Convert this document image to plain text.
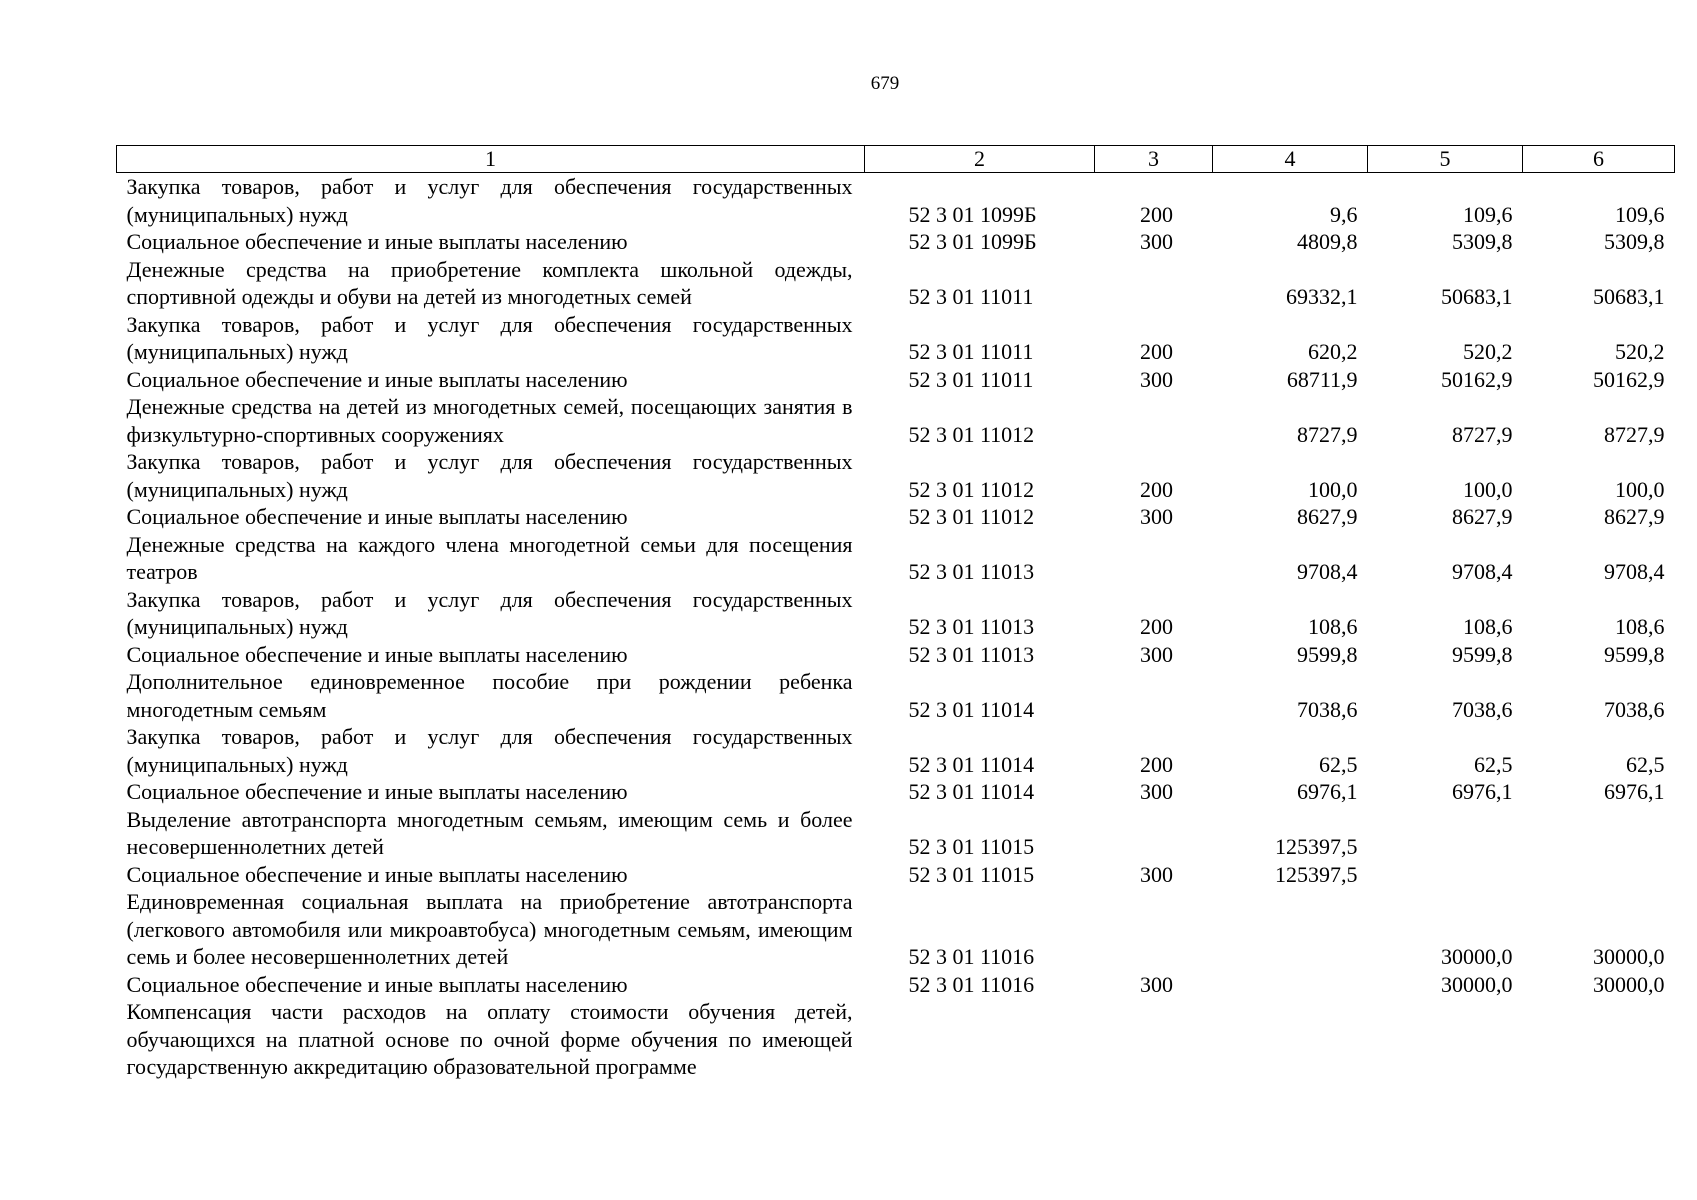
679
1	2	3	4	5	6

Закупка товаров, работ и услуг для обеспечения государственных (муниципальных) нужд	52 3 01 1099Б	200	9,6	109,6	109,6

Социальное обеспечение и иные выплаты населению	52 3 01 1099Б	300	4809,8	5309,8	5309,8

Денежные средства на приобретение комплекта школьной одежды, спортивной одежды и обуви на детей из многодетных семей	52 3 01 11011		69332,1	50683,1	50683,1

Закупка товаров, работ и услуг для обеспечения государственных (муниципальных) нужд	52 3 01 11011	200	620,2	520,2	520,2

Социальное обеспечение и иные выплаты населению	52 3 01 11011	300	68711,9	50162,9	50162,9

Денежные средства на детей из многодетных семей, посещающих занятия в физкультурно-спортивных сооружениях	52 3 01 11012		8727,9	8727,9	8727,9

Закупка товаров, работ и услуг для обеспечения государственных (муниципальных) нужд	52 3 01 11012	200	100,0	100,0	100,0

Социальное обеспечение и иные выплаты населению	52 3 01 11012	300	8627,9	8627,9	8627,9

Денежные средства на каждого члена многодетной семьи для посещения театров	52 3 01 11013		9708,4	9708,4	9708,4

Закупка товаров, работ и услуг для обеспечения государственных (муниципальных) нужд	52 3 01 11013	200	108,6	108,6	108,6

Социальное обеспечение и иные выплаты населению	52 3 01 11013	300	9599,8	9599,8	9599,8

Дополнительное единовременное пособие при рождении ребенка многодетным семьям	52 3 01 11014		7038,6	7038,6	7038,6

Закупка товаров, работ и услуг для обеспечения государственных (муниципальных) нужд	52 3 01 11014	200	62,5	62,5	62,5

Социальное обеспечение и иные выплаты населению	52 3 01 11014	300	6976,1	6976,1	6976,1

Выделение автотранспорта многодетным семьям, имеющим семь и более несовершеннолетних детей	52 3 01 11015		125397,5		

Социальное обеспечение и иные выплаты населению	52 3 01 11015	300	125397,5		

Единовременная социальная выплата на приобретение автотранспорта (легкового автомобиля или микроавтобуса) многодетным семьям, имеющим семь и более несовершеннолетних детей	52 3 01 11016			30000,0	30000,0

Социальное обеспечение и иные выплаты населению	52 3 01 11016	300		30000,0	30000,0

Компенсация части расходов на оплату стоимости обучения детей, обучающихся на платной основе по очной форме обучения по имеющей государственную аккредитацию образовательной программе					
